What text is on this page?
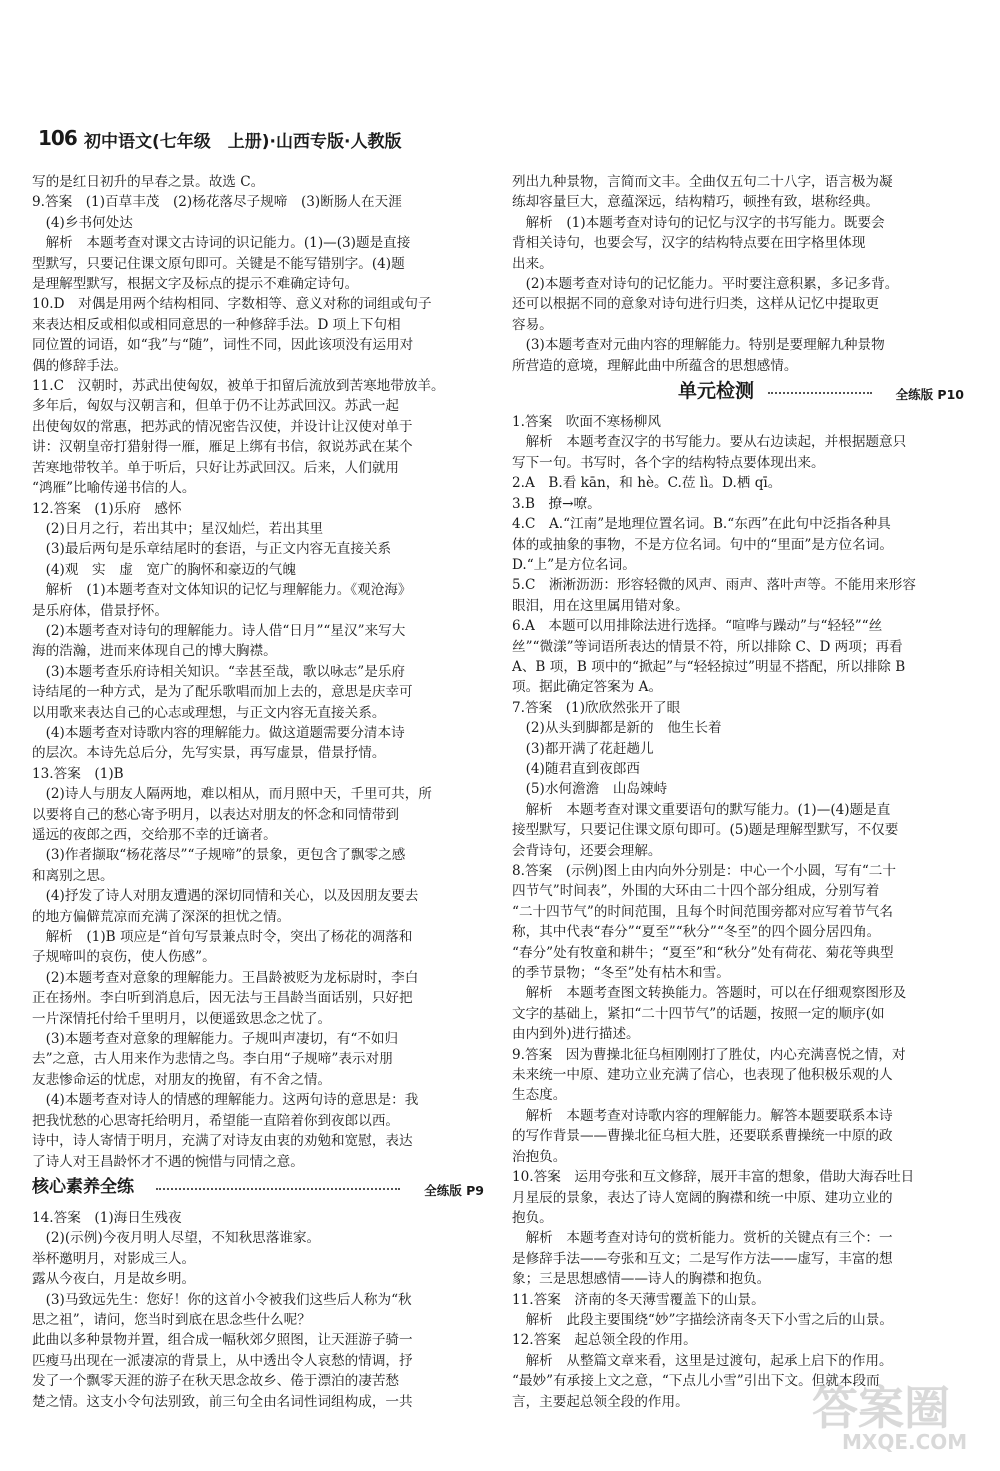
106 初中语文(七年级　上册)·山西专版·人教版

写的是红日初升的早春之景。故选 C。

9.答案　(1)百草丰茂　(2)杨花落尽子规啼　(3)断肠人在天涯

　(4)乡书何处达

　解析　本题考查对课文古诗词的识记能力。(1)—(3)题是直接

型默写，只要记住课文原句即可。关键是不能写错别字。(4)题

是理解型默写，根据文字及标点的提示不难确定诗句。

10.D　对偶是用两个结构相同、字数相等、意义对称的词组或句子

来表达相反或相似或相同意思的一种修辞手法。D 项上下句相

同位置的词语，如“我”与“随”，词性不同，因此该项没有运用对

偶的修辞手法。

11.C　汉朝时，苏武出使匈奴，被单于扣留后流放到苦寒地带放羊。

多年后，匈奴与汉朝言和，但单于仍不让苏武回汉。苏武一起

出使匈奴的常惠，把苏武的情况密告汉使，并设计让汉使对单于

讲：汉朝皇帝打猎射得一雁，雁足上绑有书信，叙说苏武在某个

苦寒地带牧羊。单于听后，只好让苏武回汉。后来，人们就用

“鸿雁”比喻传递书信的人。

12.答案　(1)乐府　感怀

　(2)日月之行，若出其中；星汉灿烂，若出其里

　(3)最后两句是乐章结尾时的套语，与正文内容无直接关系

　(4)观　实　虚　宽广的胸怀和豪迈的气魄

　解析　(1)本题考查对文体知识的记忆与理解能力。《观沧海》

是乐府体，借景抒怀。

　(2)本题考查对诗句的理解能力。诗人借“日月”“星汉”来写大

海的浩瀚，进而来体现自己的博大胸襟。

　(3)本题考查乐府诗相关知识。“幸甚至哉，歌以咏志”是乐府

诗结尾的一种方式，是为了配乐歌唱而加上去的，意思是庆幸可

以用歌来表达自己的心志或理想，与正文内容无直接关系。

　(4)本题考查对诗歌内容的理解能力。做这道题需要分清本诗

的层次。本诗先总后分，先写实景，再写虚景，借景抒情。

13.答案　(1)B

　(2)诗人与朋友人隔两地，难以相从，而月照中天，千里可共，所

以要将自己的愁心寄予明月，以表达对朋友的怀念和同情带到

遥远的夜郎之西，交给那不幸的迁谪者。

　(3)作者撷取“杨花落尽”“子规啼”的景象，更包含了飘零之感

和离别之思。

　(4)抒发了诗人对朋友遭遇的深切同情和关心，以及因朋友要去

的地方偏僻荒凉而充满了深深的担忧之情。

　解析　(1)B 项应是“首句写景兼点时令，突出了杨花的凋落和

子规啼叫的哀伤，使人伤感”。

　(2)本题考查对意象的理解能力。王昌龄被贬为龙标尉时，李白

正在扬州。李白听到消息后，因无法与王昌龄当面话别，只好把

一片深情托付给千里明月，以便遥致思念之忧了。

　(3)本题考查对意象的理解能力。子规叫声凄切，有“不如归

去”之意，古人用来作为悲情之鸟。李白用“子规啼”表示对朋

友悲惨命运的忧虑，对朋友的挽留，有不舍之情。

　(4)本题考查对诗人的情感的理解能力。这两句诗的意思是：我

把我忧愁的心思寄托给明月，希望能一直陪着你到夜郎以西。

诗中，诗人寄情于明月，充满了对诗友由衷的劝勉和宽慰，表达

了诗人对王昌龄怀才不遇的惋惜与同情之意。

核心素养全练	全练版 P9

14.答案　(1)海日生残夜

　(2)(示例)今夜月明人尽望，不知秋思落谁家。

举杯邀明月，对影成三人。

露从今夜白，月是故乡明。

　(3)马致远先生：您好！你的这首小令被我们这些后人称为“秋

思之祖”，请问，您当时到底在思念些什么呢？

此曲以多种景物并置，组合成一幅秋郊夕照图，让天涯游子骑一

匹瘦马出现在一派凄凉的背景上，从中透出令人哀愁的情调，抒

发了一个飘零天涯的游子在秋天思念故乡、倦于漂泊的凄苦愁

楚之情。这支小令句法别致，前三句全由名词性词组构成，一共

列出九种景物，言简而文丰。全曲仅五句二十八字，语言极为凝

练却容量巨大，意蕴深远，结构精巧，顿挫有致，堪称经典。

　解析　(1)本题考查对诗句的记忆与汉字的书写能力。既要会

背相关诗句，也要会写，汉字的结构特点要在田字格里体现

出来。

　(2)本题考查对诗句的记忆能力。平时要注意积累，多记多背。

还可以根据不同的意象对诗句进行归类，这样从记忆中提取更

容易。

　(3)本题考查对元曲内容的理解能力。特别是要理解九种景物

所营造的意境，理解此曲中所蕴含的思想感情。

单元检测	全练版 P10

1.答案　吹面不寒杨柳风

　解析　本题考查汉字的书写能力。要从右边读起，并根据题意只

写下一句。书写时，各个字的结构特点要体现出来。

2.A　B.看 kān，和 hè。C.莅 lì。D.栖 qī。

3.B　撩→嘹。

4.C　A.“江南”是地理位置名词。B.“东西”在此句中泛指各种具

体的或抽象的事物，不是方位名词。句中的“里面”是方位名词。

D.“上”是方位名词。

5.C　淅淅沥沥：形容轻微的风声、雨声、落叶声等。不能用来形容

眼泪，用在这里属用错对象。

6.A　本题可以用排除法进行选择。“喧哗与躁动”与“轻轻”“丝

丝”“微漾”等词语所表达的情景不符，所以排除 C、D 两项；再看

A、B 项，B 项中的“掀起”与“轻轻掠过”明显不搭配，所以排除 B

项。据此确定答案为 A。

7.答案　(1)欣欣然张开了眼

　(2)从头到脚都是新的　他生长着

　(3)都开满了花赶趟儿

　(4)随君直到夜郎西

　(5)水何澹澹　山岛竦峙

　解析　本题考查对课文重要语句的默写能力。(1)—(4)题是直

接型默写，只要记住课文原句即可。(5)题是理解型默写，不仅要

会背诗句，还要会理解。

8.答案　(示例)图上由内向外分别是：中心一个小圆，写有“二十

四节气”时间表”，外围的大环由二十四个部分组成，分别写着

“二十四节气”的时间范围，且每个时间范围旁都对应写着节气名

称，其中代表“春分”“夏至”“秋分”“冬至”的四个圆分居四角。

“春分”处有牧童和耕牛；“夏至”和“秋分”处有荷花、菊花等典型

的季节景物；“冬至”处有枯木和雪。

　解析　本题考查图文转换能力。答题时，可以在仔细观察图形及

文字的基础上，紧扣“二十四节气”的话题，按照一定的顺序(如

由内到外)进行描述。

9.答案　因为曹操北征乌桓刚刚打了胜仗，内心充满喜悦之情，对

未来统一中原、建功立业充满了信心，也表现了他积极乐观的人

生态度。

　解析　本题考查对诗歌内容的理解能力。解答本题要联系本诗

的写作背景——曹操北征乌桓大胜，还要联系曹操统一中原的政

治抱负。

10.答案　运用夸张和互文修辞，展开丰富的想象，借助大海吞吐日

月星辰的景象，表达了诗人宽阔的胸襟和统一中原、建功立业的

抱负。

　解析　本题考查对诗句的赏析能力。赏析的关键点有三个：一

是修辞手法——夸张和互文；二是写作方法——虚写，丰富的想

象；三是思想感情——诗人的胸襟和抱负。

11.答案　济南的冬天薄雪覆盖下的山景。

　解析　此段主要围绕“妙”字描绘济南冬天下小雪之后的山景。

12.答案　起总领全段的作用。

　解析　从整篇文章来看，这里是过渡句，起承上启下的作用。

“最妙”有承接上文之意，“下点儿小雪”引出下文。但就本段而

言，主要起总领全段的作用。	答案圈
MXQE.COM
